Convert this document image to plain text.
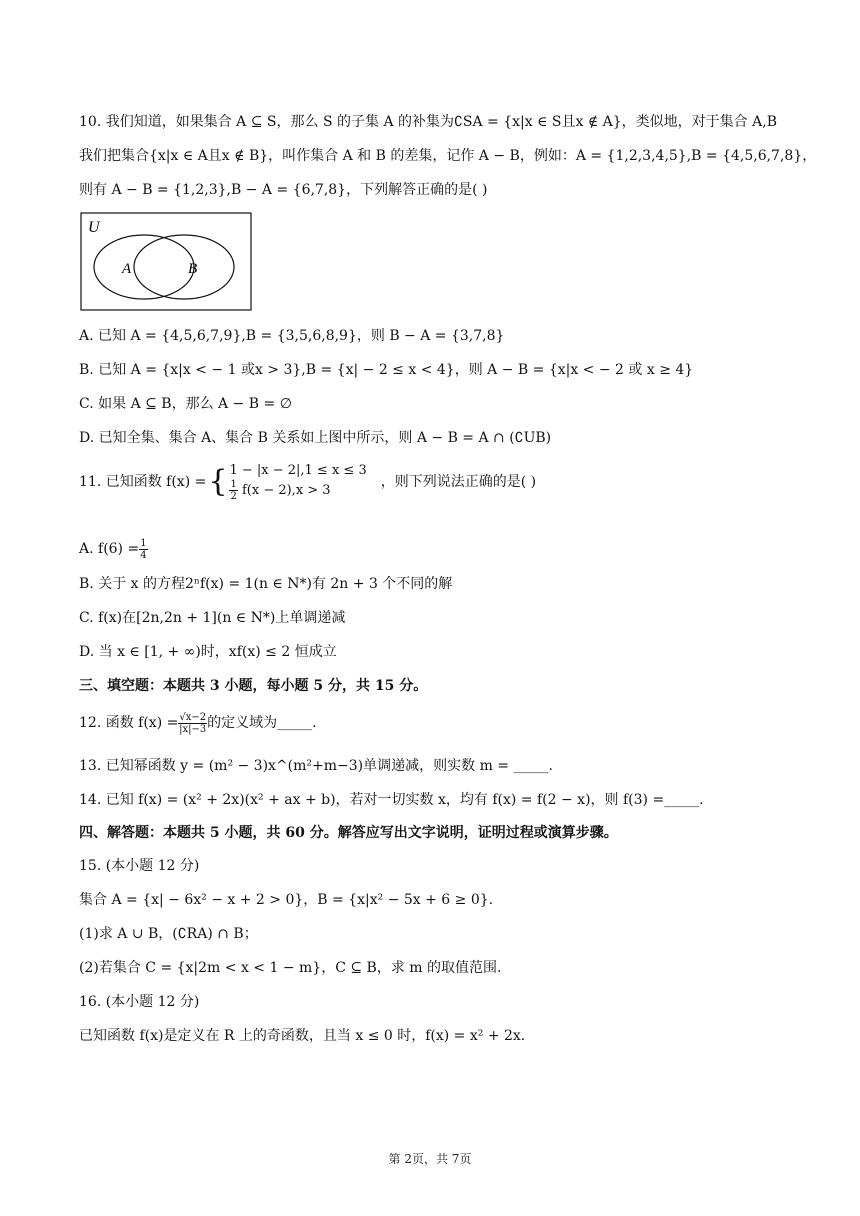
10. 我们知道，如果集合 A ⊆ S，那么 S 的子集 A 的补集为∁SA = {x|x ∈ S且x ∉ A}，类似地，对于集合 A,B
我们把集合{x|x ∈ A且x ∉ B}，叫作集合 A 和 B 的差集，记作 A − B，例如：A = {1,2,3,4,5},B = {4,5,6,7,8}，
则有 A − B = {1,2,3},B − A = {6,7,8}，下列解答正确的是( )
U
A	B
A. 已知 A = {4,5,6,7,9},B = {3,5,6,8,9}，则 B − A = {3,7,8}
B. 已知 A = {x|x < − 1 或x > 3},B = {x| − 2 ≤ x < 4}，则 A − B = {x|x < − 2 或 x ≥ 4}
C. 如果 A ⊆ B，那么 A − B = ∅
D. 已知全集、集合 A、集合 B 关系如上图中所示，则 A − B = A ∩ (∁UB)
11. 已知函数 f(x) ={ 1 − |x − 2|,1 ≤ x ≤ 3
$\frac{1}{2} f(x - 2),x > 3$
，则下列说法正确的是( )
A. $f(6) = \frac{1}{4}$
B. 关于 x 的方程2ⁿf(x) = 1(n ∈ N*)有 2n + 3 个不同的解
C. f(x)在[2n,2n + 1](n ∈ N*)上单调递减
D. 当 x ∈ [1, + ∞)时，xf(x) ≤ 2 恒成立
三、填空题：本题共 3 小题，每小题 5 分，共 15 分。
12. 函数 $f(x) = \frac{√x-2}{|x|-3}$ 的定义域为_____.
13. 已知幂函数 y = (m² − 3)x^(m²+m−3)单调递减，则实数 m = _____.
14. 已知 f(x) = (x² + 2x)(x² + ax + b)，若对一切实数 x，均有 f(x) = f(2 − x)，则 f(3) =_____.
四、解答题：本题共 5 小题，共 60 分。解答应写出文字说明，证明过程或演算步骤。
15. (本小题 12 分)
集合 A = {x| − 6x² − x + 2 > 0}，B = {x|x² − 5x + 6 ≥ 0}.
(1)求 A ∪ B，(∁RA) ∩ B；
(2)若集合 C = {x|2m < x < 1 − m}，C ⊆ B，求 m 的取值范围.
16. (本小题 12 分)
已知函数 f(x)是定义在 R 上的奇函数，且当 x ≤ 0 时，f(x) = x² + 2x.
第 2页，共 7页
